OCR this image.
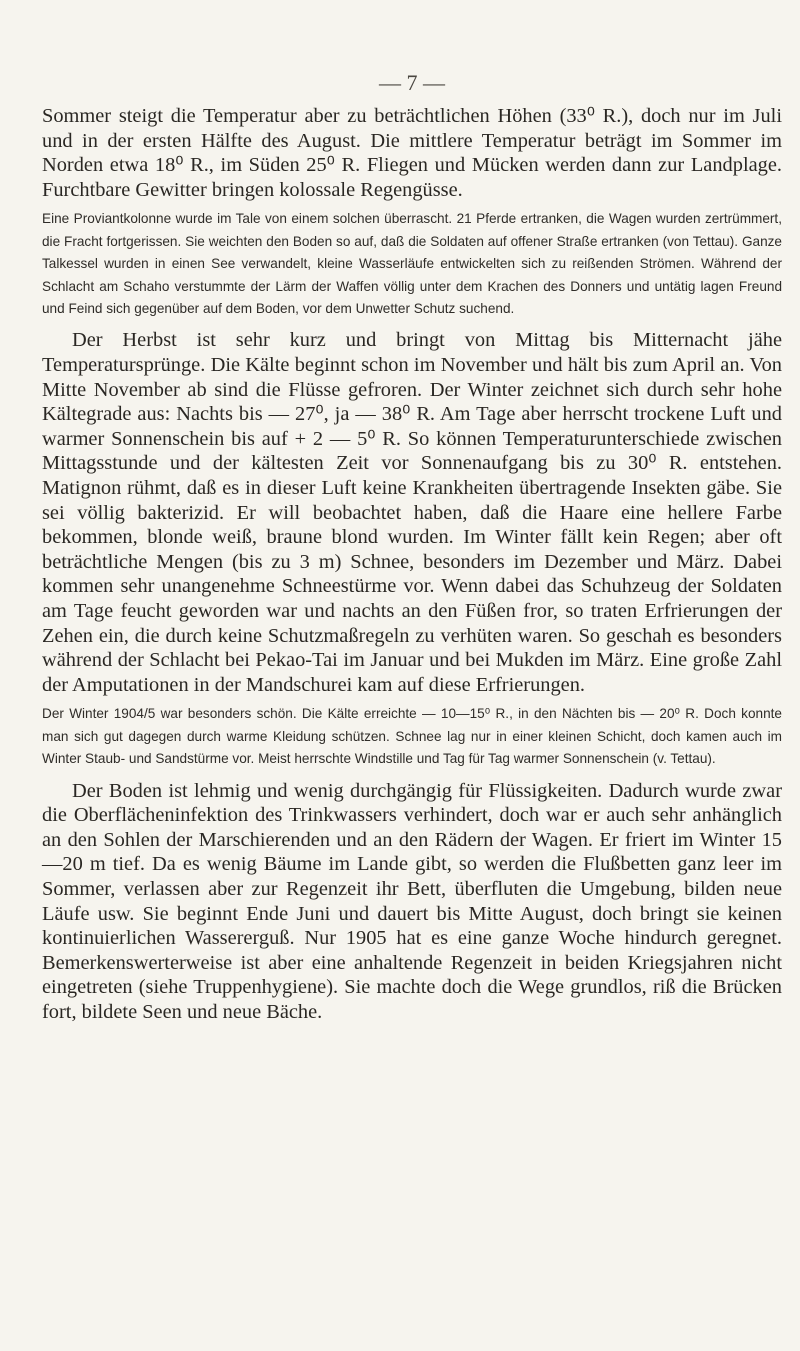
— 7 —

Sommer steigt die Temperatur aber zu beträchtlichen Höhen (33⁰ R.), doch nur im Juli und in der ersten Hälfte des August. Die mittlere Temperatur beträgt im Sommer im Norden etwa 18⁰ R., im Süden 25⁰ R. Fliegen und Mücken werden dann zur Landplage. Furchtbare Gewitter bringen kolossale Regengüsse.

Eine Proviantkolonne wurde im Tale von einem solchen überrascht. 21 Pferde ertranken, die Wagen wurden zertrümmert, die Fracht fortgerissen. Sie weichten den Boden so auf, daß die Soldaten auf offener Straße ertranken (von Tettau). Ganze Talkessel wurden in einen See verwandelt, kleine Wasserläufe entwickelten sich zu reißenden Strömen. Während der Schlacht am Schaho verstummte der Lärm der Waffen völlig unter dem Krachen des Donners und untätig lagen Freund und Feind sich gegenüber auf dem Boden, vor dem Unwetter Schutz suchend.

Der Herbst ist sehr kurz und bringt von Mittag bis Mitternacht jähe Temperatursprünge. Die Kälte beginnt schon im November und hält bis zum April an. Von Mitte November ab sind die Flüsse gefroren. Der Winter zeichnet sich durch sehr hohe Kältegrade aus: Nachts bis — 27⁰, ja — 38⁰ R. Am Tage aber herrscht trockene Luft und warmer Sonnenschein bis auf + 2 — 5⁰ R. So können Temperaturunterschiede zwischen Mittagsstunde und der kältesten Zeit vor Sonnenaufgang bis zu 30⁰ R. entstehen. Matignon rühmt, daß es in dieser Luft keine Krankheiten übertragende Insekten gäbe. Sie sei völlig bakterizid. Er will beobachtet haben, daß die Haare eine hellere Farbe bekommen, blonde weiß, braune blond wurden. Im Winter fällt kein Regen; aber oft beträchtliche Mengen (bis zu 3 m) Schnee, besonders im Dezember und März. Dabei kommen sehr unangenehme Schneestürme vor. Wenn dabei das Schuhzeug der Soldaten am Tage feucht geworden war und nachts an den Füßen fror, so traten Erfrierungen der Zehen ein, die durch keine Schutzmaßregeln zu verhüten waren. So geschah es besonders während der Schlacht bei Pekao-Tai im Januar und bei Mukden im März. Eine große Zahl der Amputationen in der Mandschurei kam auf diese Erfrierungen.

Der Winter 1904/5 war besonders schön. Die Kälte erreichte — 10—15⁰ R., in den Nächten bis — 20⁰ R. Doch konnte man sich gut dagegen durch warme Kleidung schützen. Schnee lag nur in einer kleinen Schicht, doch kamen auch im Winter Staub- und Sandstürme vor. Meist herrschte Windstille und Tag für Tag warmer Sonnenschein (v. Tettau).

Der Boden ist lehmig und wenig durchgängig für Flüssigkeiten. Dadurch wurde zwar die Oberflächeninfektion des Trinkwassers verhindert, doch war er auch sehr anhänglich an den Sohlen der Marschierenden und an den Rädern der Wagen. Er friert im Winter 15—20 m tief. Da es wenig Bäume im Lande gibt, so werden die Flußbetten ganz leer im Sommer, verlassen aber zur Regenzeit ihr Bett, überfluten die Umgebung, bilden neue Läufe usw. Sie beginnt Ende Juni und dauert bis Mitte August, doch bringt sie keinen kontinuierlichen Wassererguß. Nur 1905 hat es eine ganze Woche hindurch geregnet. Bemerkenswerterweise ist aber eine anhaltende Regenzeit in beiden Kriegsjahren nicht eingetreten (siehe Truppenhygiene). Sie machte doch die Wege grundlos, riß die Brücken fort, bildete Seen und neue Bäche.
